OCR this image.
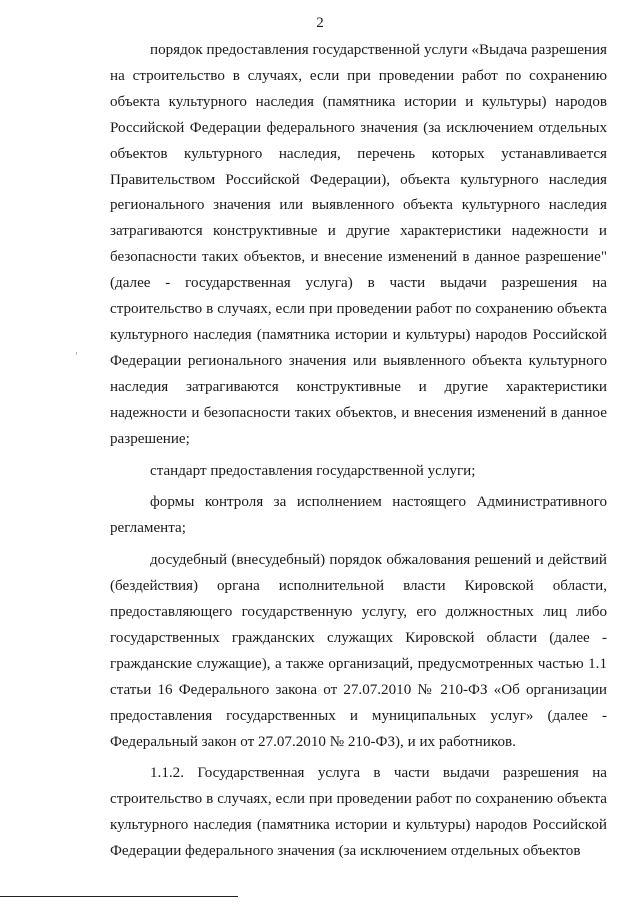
2

порядок предоставления государственной услуги «Выдача разрешения на строительство в случаях, если при проведении работ по сохранению объекта культурного наследия (памятника истории и культуры) народов Российской Федерации федерального значения (за исключением отдельных объектов культурного наследия, перечень которых устанавливается Правительством Российской Федерации), объекта культурного наследия регионального значения или выявленного объекта культурного наследия затрагиваются конструктивные и другие характеристики надежности и безопасности таких объектов, и внесение изменений в данное разрешение" (далее - государственная услуга) в части выдачи разрешения на строительство в случаях, если при проведении работ по сохранению объекта культурного наследия (памятника истории и культуры) народов Российской Федерации регионального значения или выявленного объекта культурного наследия затрагиваются конструктивные и другие характеристики надежности и безопасности таких объектов, и внесения изменений в данное разрешение;

стандарт предоставления государственной услуги;

формы контроля за исполнением настоящего Административного регламента;

досудебный (внесудебный) порядок обжалования решений и действий (бездействия) органа исполнительной власти Кировской области, предоставляющего государственную услугу, его должностных лиц либо государственных гражданских служащих Кировской области (далее - гражданские служащие), а также организаций, предусмотренных частью 1.1 статьи 16 Федерального закона от 27.07.2010 № 210-ФЗ «Об организации предоставления государственных и муниципальных услуг» (далее - Федеральный закон от 27.07.2010 № 210-ФЗ), и их работников.

1.1.2. Государственная услуга в части выдачи разрешения на строительство в случаях, если при проведении работ по сохранению объекта культурного наследия (памятника истории и культуры) народов Российской Федерации федерального значения (за исключением отдельных объектов
